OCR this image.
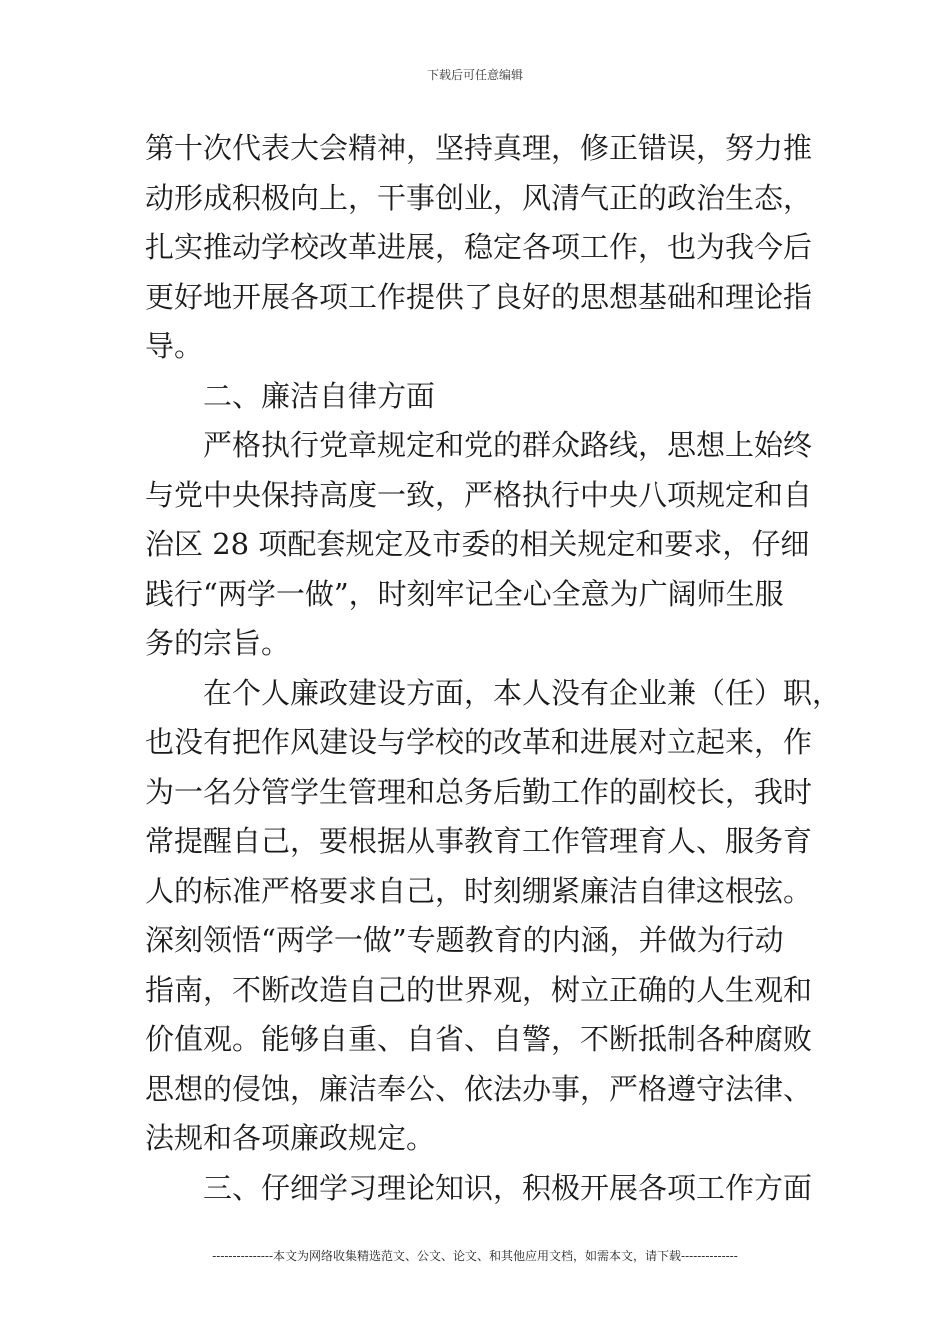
下载后可任意编辑
第十次代表大会精神，坚持真理，修正错误，努力推
动形成积极向上，干事创业，风清气正的政治生态，
扎实推动学校改革进展，稳定各项工作，也为我今后
更好地开展各项工作提供了良好的思想基础和理论指
导。
二、廉洁自律方面
严格执行党章规定和党的群众路线，思想上始终
与党中央保持高度一致，严格执行中央八项规定和自
治区 28 项配套规定及市委的相关规定和要求，仔细
践行“两学一做”，时刻牢记全心全意为广阔师生服
务的宗旨。
在个人廉政建设方面，本人没有企业兼（任）职，
也没有把作风建设与学校的改革和进展对立起来，作
为一名分管学生管理和总务后勤工作的副校长，我时
常提醒自己，要根据从事教育工作管理育人、服务育
人的标准严格要求自己，时刻绷紧廉洁自律这根弦。
深刻领悟“两学一做”专题教育的内涵，并做为行动
指南，不断改造自己的世界观，树立正确的人生观和
价值观。能够自重、自省、自警，不断抵制各种腐败
思想的侵蚀，廉洁奉公、依法办事，严格遵守法律、
法规和各项廉政规定。
三、仔细学习理论知识，积极开展各项工作方面
---------------本文为网络收集精选范文、公文、论文、和其他应用文档，如需本文，请下载--------------
